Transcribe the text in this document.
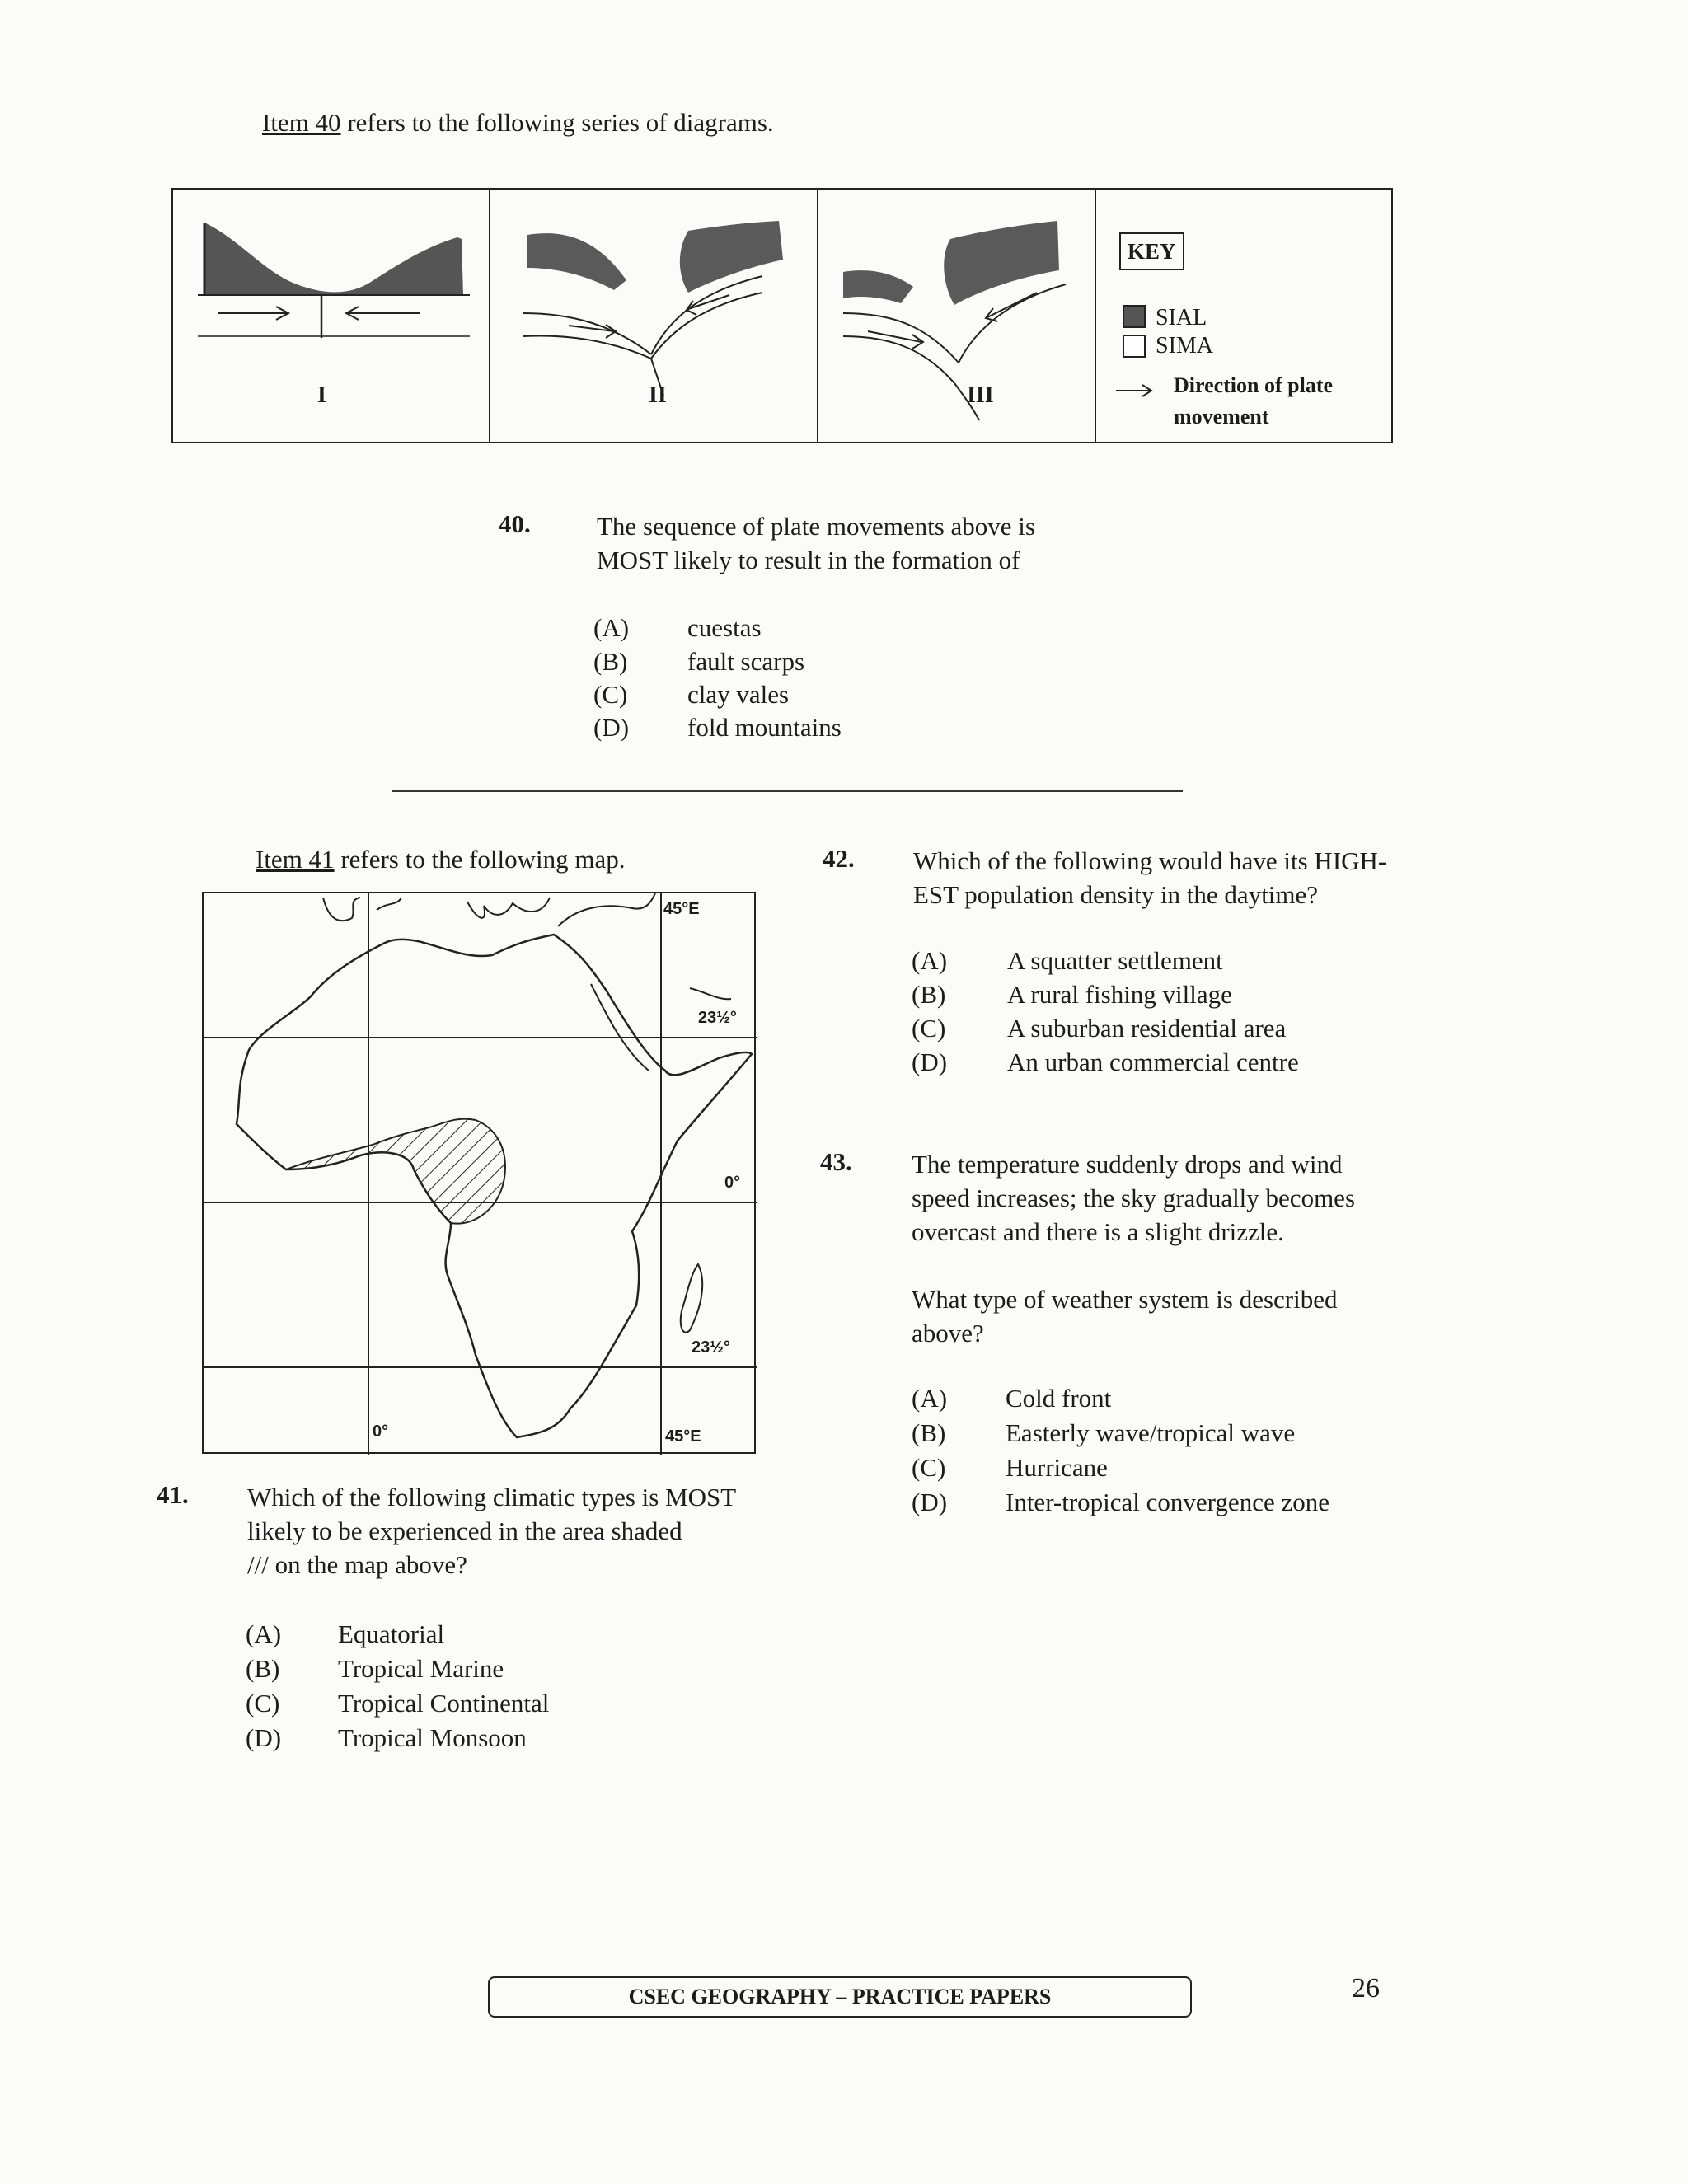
Item 40 refers to the following series of diagrams.
I	II	III
KEY
SIAL
SIMA
Direction of plate
movement
40.	The sequence of plate movements above is
MOST likely to result in the formation of
(A) cuestas
(B) fault scarps
(C) clay vales
(D) fold mountains
Item 41 refers to the following map.
45°E
23½°
0°
23½°
0°	45°E
41. Which of the following climatic types is MOST
likely to be experienced in the area shaded
/// on the map above?
(A) Equatorial
(B) Tropical Marine
(C) Tropical Continental
(D) Tropical Monsoon
42. Which of the following would have its HIGH-
EST population density in the daytime?
(A) A squatter settlement
(B) A rural fishing village
(C) A suburban residential area
(D) An urban commercial centre
43. The temperature suddenly drops and wind
speed increases; the sky gradually becomes
overcast and there is a slight drizzle.
What type of weather system is described
above?
(A) Cold front
(B) Easterly wave/tropical wave
(C) Hurricane
(D) Inter-tropical convergence zone
CSEC GEOGRAPHY – PRACTICE PAPERS	26
